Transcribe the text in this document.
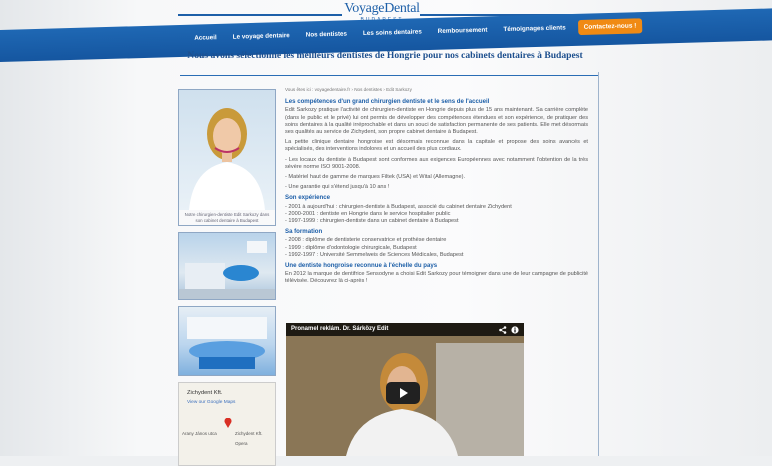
VoyageDental
Accueil	Le voyage dentaire	Nos dentistes	Les soins dentaires	Remboursement	Témoignages clients	Contactez-nous !
Nous avons sélectionné les meilleurs dentistes de Hongrie pour nos cabinets dentaires à Budapest
Notre chirurgien-dentiste Edit Sarkozy dans son cabinet dentaire à Budapest
Zichydent Kft.
View our Google Maps
Zichydent Kft.
Arany János utca
Opera
Vous êtes ici : voyagedentaire.fr › Nos dentistes › Edit Sarkozy
Les compétences d'un grand chirurgien dentiste et le sens de l'accueil

Edit Sarkozy pratique l'activité de chirurgien-dentiste en Hongrie depuis plus de 15 ans maintenant. Sa carrière complète (dans le public et le privé) lui ont permis de développer des compétences étendues et son expérience, de pratiquer des soins dentaires à la qualité irréprochable et dans un souci de satisfaction permanente de ses patients. Elle met désormais ses qualités au service de Zichydent, son propre cabinet dentaire à Budapest.

La petite clinique dentaire hongroise est désormais reconnue dans la capitale et propose des soins avancés et spécialisés, des interventions indolores et un accueil des plus cordiaux.

- Les locaux du dentiste à Budapest sont conformes aux exigences Européennes avec notamment l'obtention de la très sévère norme ISO 9001-2008.

- Matériel haut de gamme de marques Filtek (USA) et Wital (Allemagne).

- Une garantie qui s'étend jusqu'à 10 ans !

Son expérience
- 2001 à aujourd'hui : chirurgien-dentiste à Budapest, associé du cabinet dentaire Zichydent
- 2000-2001 : dentiste en Hongrie dans le service hospitalier public
- 1997-1999 : chirurgien-dentiste dans un cabinet dentaire à Budapest
Sa formation
- 2008 : diplôme de dentisterie conservatrice et prothèse dentaire
- 1999 : diplôme d'odontologie chirurgicale, Budapest
- 1992-1997 : Université Semmelweis de Sciences Médicales, Budapest
Une dentiste hongroise reconnue à l'échelle du pays

En 2012 la marque de dentifrice Sensodyne a choisi Edit Sarkozy pour témoigner dans une de leur campagne de publicité télévisée. Découvrez là ci-après !

Pronamel reklám. Dr. Sárközy Edit
